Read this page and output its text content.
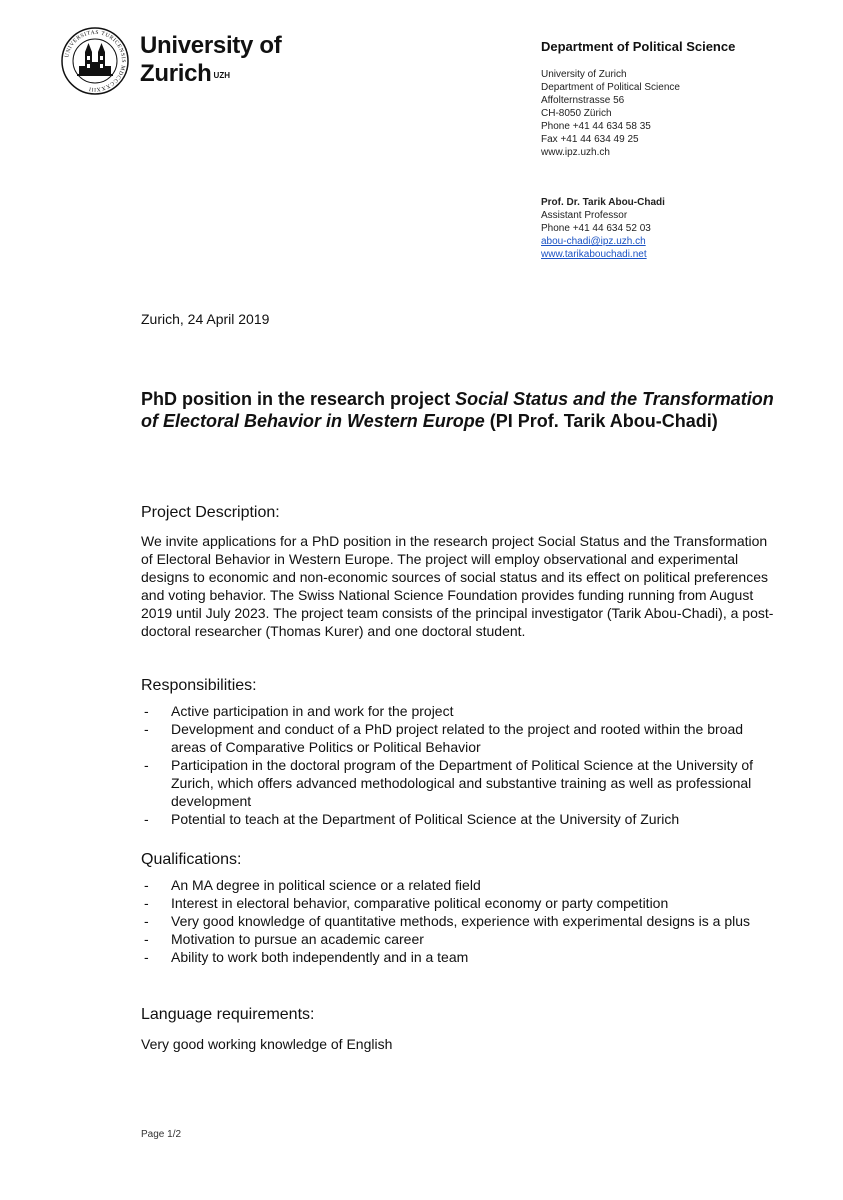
UNIVERSITAS TURICENSIS MDCCCXXXIII
University of
Zurich $^{UZH}$
Department of Political Science
University of Zurich
Department of Political Science
Affolternstrasse 56
CH-8050 Zürich
Phone +41 44 634 58 35
Fax +41 44 634 49 25
www.ipz.uzh.ch
Prof. Dr. Tarik Abou-Chadi
Assistant Professor
Phone +41 44 634 52 03
abou-chadi@ipz.uzh.ch
www.tarikabouchadi.net
Zurich, 24 April 2019
PhD position in the research project Social Status and the Transformation of Electoral Behavior in Western Europe (PI Prof. Tarik Abou-Chadi)
Project Description:
We invite applications for a PhD position in the research project Social Status and the Transformation of Electoral Behavior in Western Europe. The project will employ observational and experimental designs to economic and non-economic sources of social status and its effect on political preferences and voting behavior. The Swiss National Science Foundation provides funding running from August 2019 until July 2023. The project team consists of the principal investigator (Tarik Abou-Chadi), a post-doctoral researcher (Thomas Kurer) and one doctoral student.
Responsibilities:
- Active participation in and work for the project
- Development and conduct of a PhD project related to the project and rooted within the broad areas of Comparative Politics or Political Behavior
- Participation in the doctoral program of the Department of Political Science at the University of Zurich, which offers advanced methodological and substantive training as well as professional development
- Potential to teach at the Department of Political Science at the University of Zurich
Qualifications:
- An MA degree in political science or a related field
- Interest in electoral behavior, comparative political economy or party competition
- Very good knowledge of quantitative methods, experience with experimental designs is a plus
- Motivation to pursue an academic career
- Ability to work both independently and in a team
Language requirements:
Very good working knowledge of English
Page 1/2
